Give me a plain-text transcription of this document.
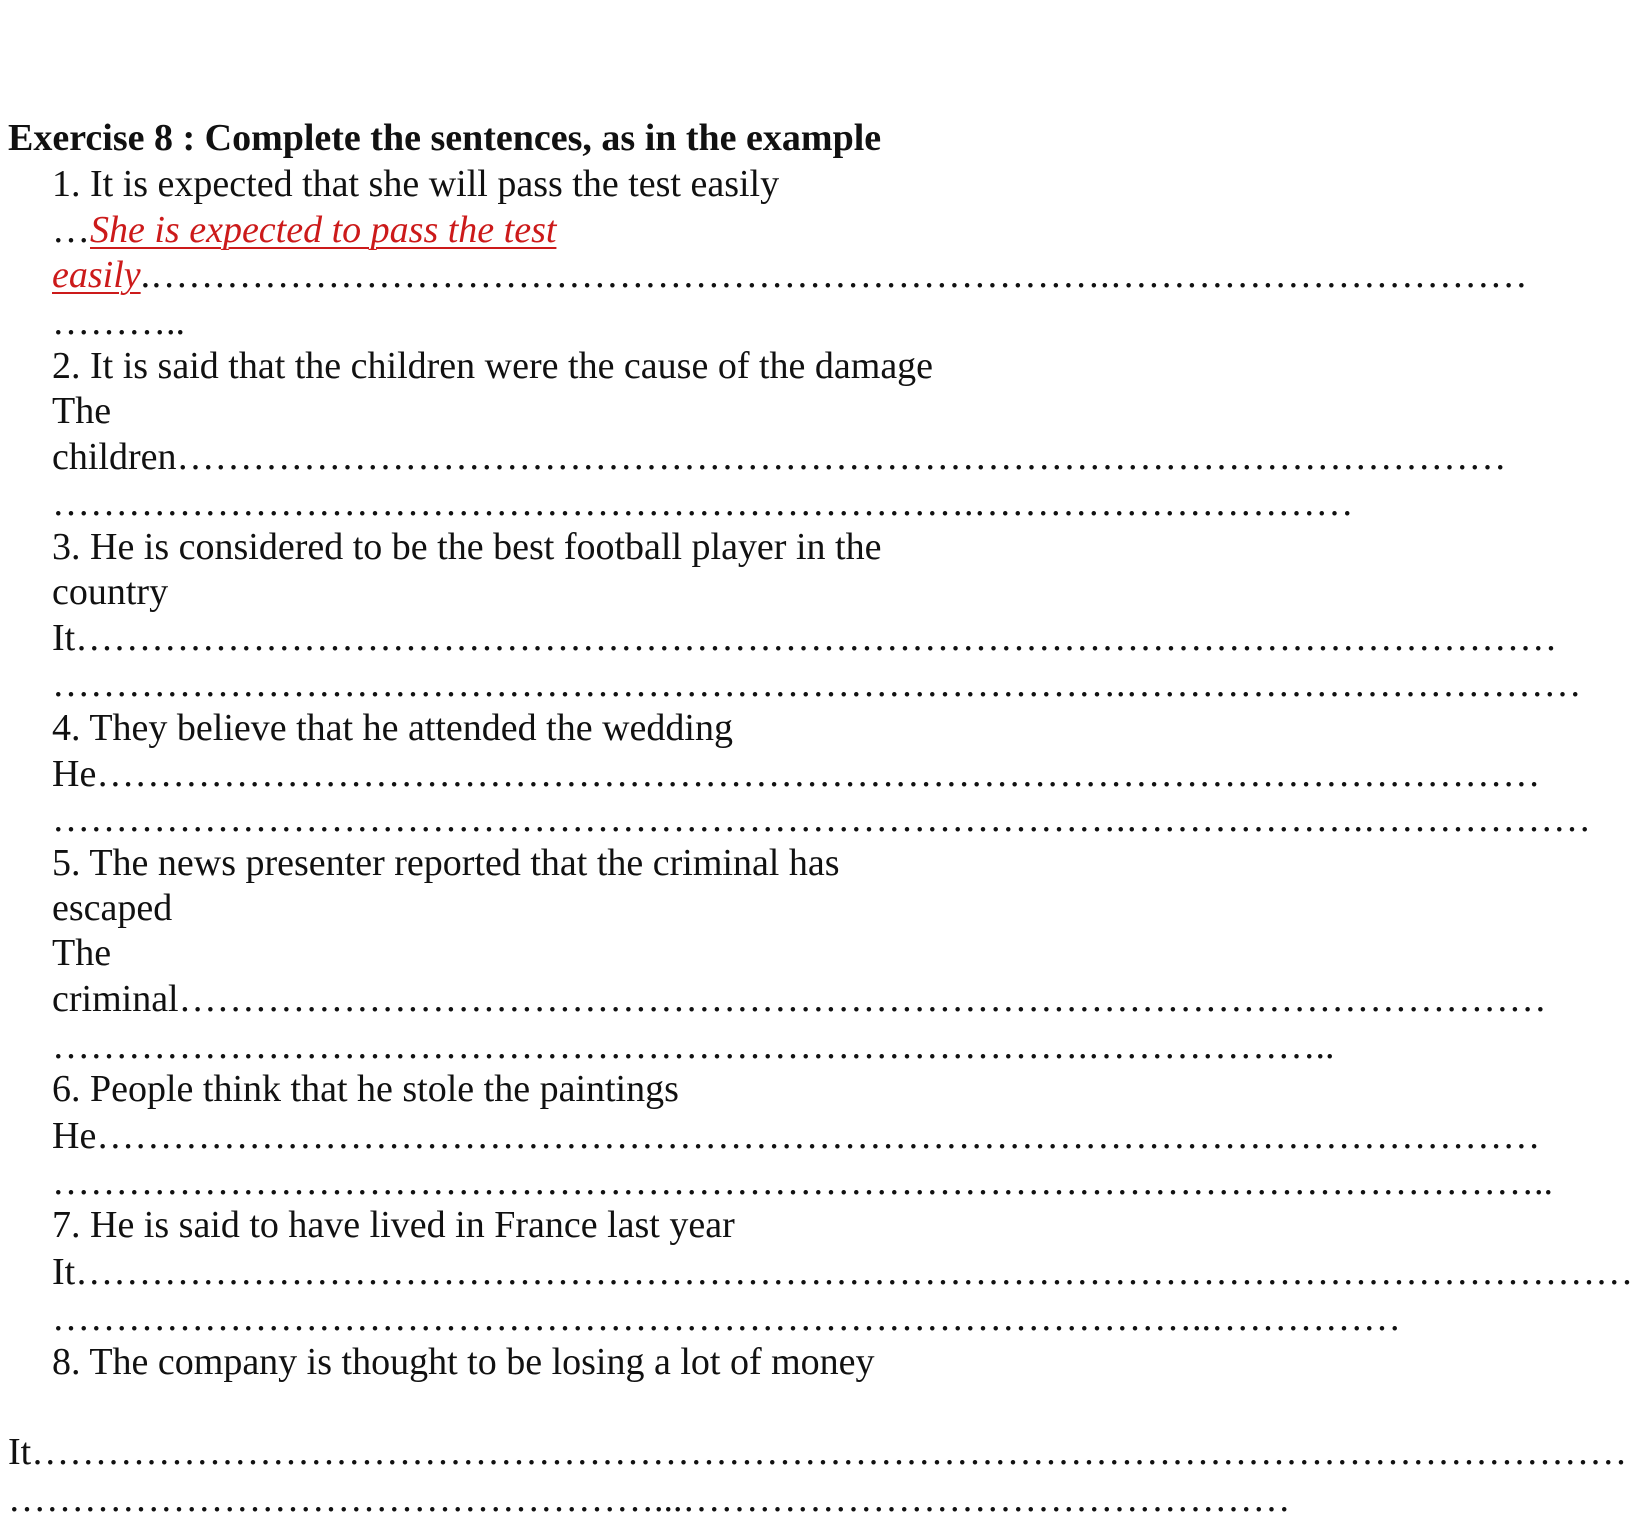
Exercise 8 : Complete the sentences, as in the example
1. It is expected that she will pass the test easily
…She is expected to pass the test
easily.………………………………………………………………….……………………………
………..
2. It is said that the children were the cause of the damage
The
children……………………………………………………………………………………………
……………………………………………………………….…………………………
3. He is considered to be the best football player in the
country
It………………………………………………………………………………………………………
………………………………………………………………………….………………………………
4. They believe that he attended the wedding
He……………………………………………………………………………………………………
………………………………………………………………………….……………….………………
5. The news presenter reported that the criminal has
escaped
The
criminal………………………………………………………………………………………………
……………………………………………………………………….………………..
6. People think that he stole the paintings
He……………………………………………………………………………………………………
………………………………………………………………………………………………………..
7. He is said to have lived in France last year
It……………………………………………………………………………………………………………
………………………………………………………………………………..……………
8. The company is thought to be losing a lot of money
It………………………………………………………………………………………………………………
……………………………………………...…………………………………………
